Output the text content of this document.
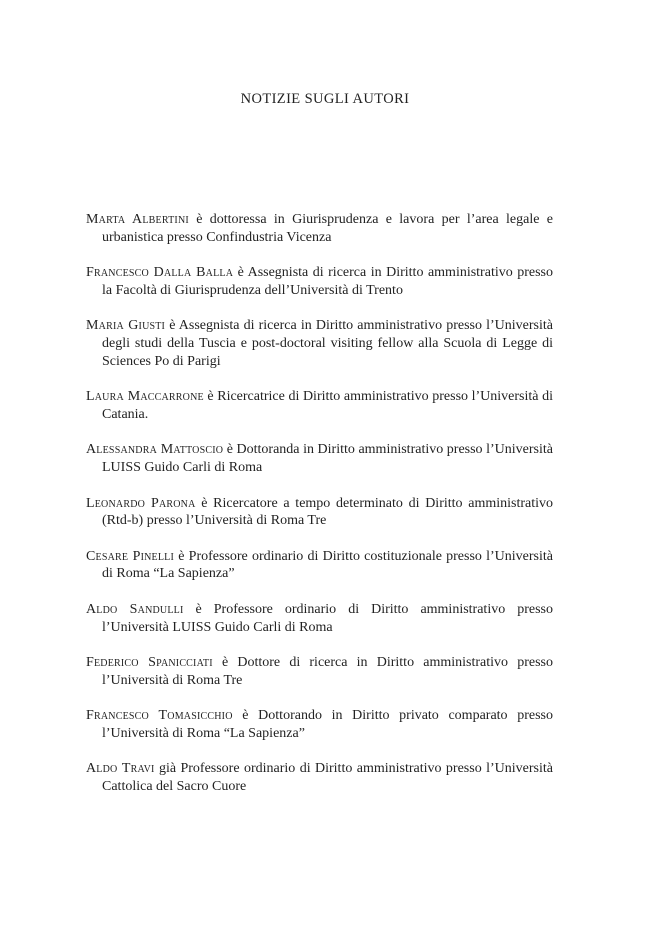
NOTIZIE SUGLI AUTORI

Marta Albertini è dottoressa in Giurisprudenza e lavora per l’area legale e urbanistica presso Confindustria Vicenza

Francesco Dalla Balla è Assegnista di ricerca in Diritto amministrativo presso la Facoltà di Giurisprudenza dell’Università di Trento

Maria Giusti è Assegnista di ricerca in Diritto amministrativo presso l’Università degli studi della Tuscia e post-doctoral visiting fellow alla Scuola di Legge di Sciences Po di Parigi

Laura Maccarrone è Ricercatrice di Diritto amministrativo presso l’Università di Catania.

Alessandra Mattoscio è Dottoranda in Diritto amministrativo presso l’Università LUISS Guido Carli di Roma

Leonardo Parona è Ricercatore a tempo determinato di Diritto amministrativo (Rtd-b) presso l’Università di Roma Tre

Cesare Pinelli è Professore ordinario di Diritto costituzionale presso l’Università di Roma “La Sapienza”

Aldo Sandulli è Professore ordinario di Diritto amministrativo presso l’Università LUISS Guido Carli di Roma

Federico Spanicciati è Dottore di ricerca in Diritto amministrativo presso l’Università di Roma Tre

Francesco Tomasicchio è Dottorando in Diritto privato comparato presso l’Università di Roma “La Sapienza”

Aldo Travi già Professore ordinario di Diritto amministrativo presso l’Università Cattolica del Sacro Cuore
